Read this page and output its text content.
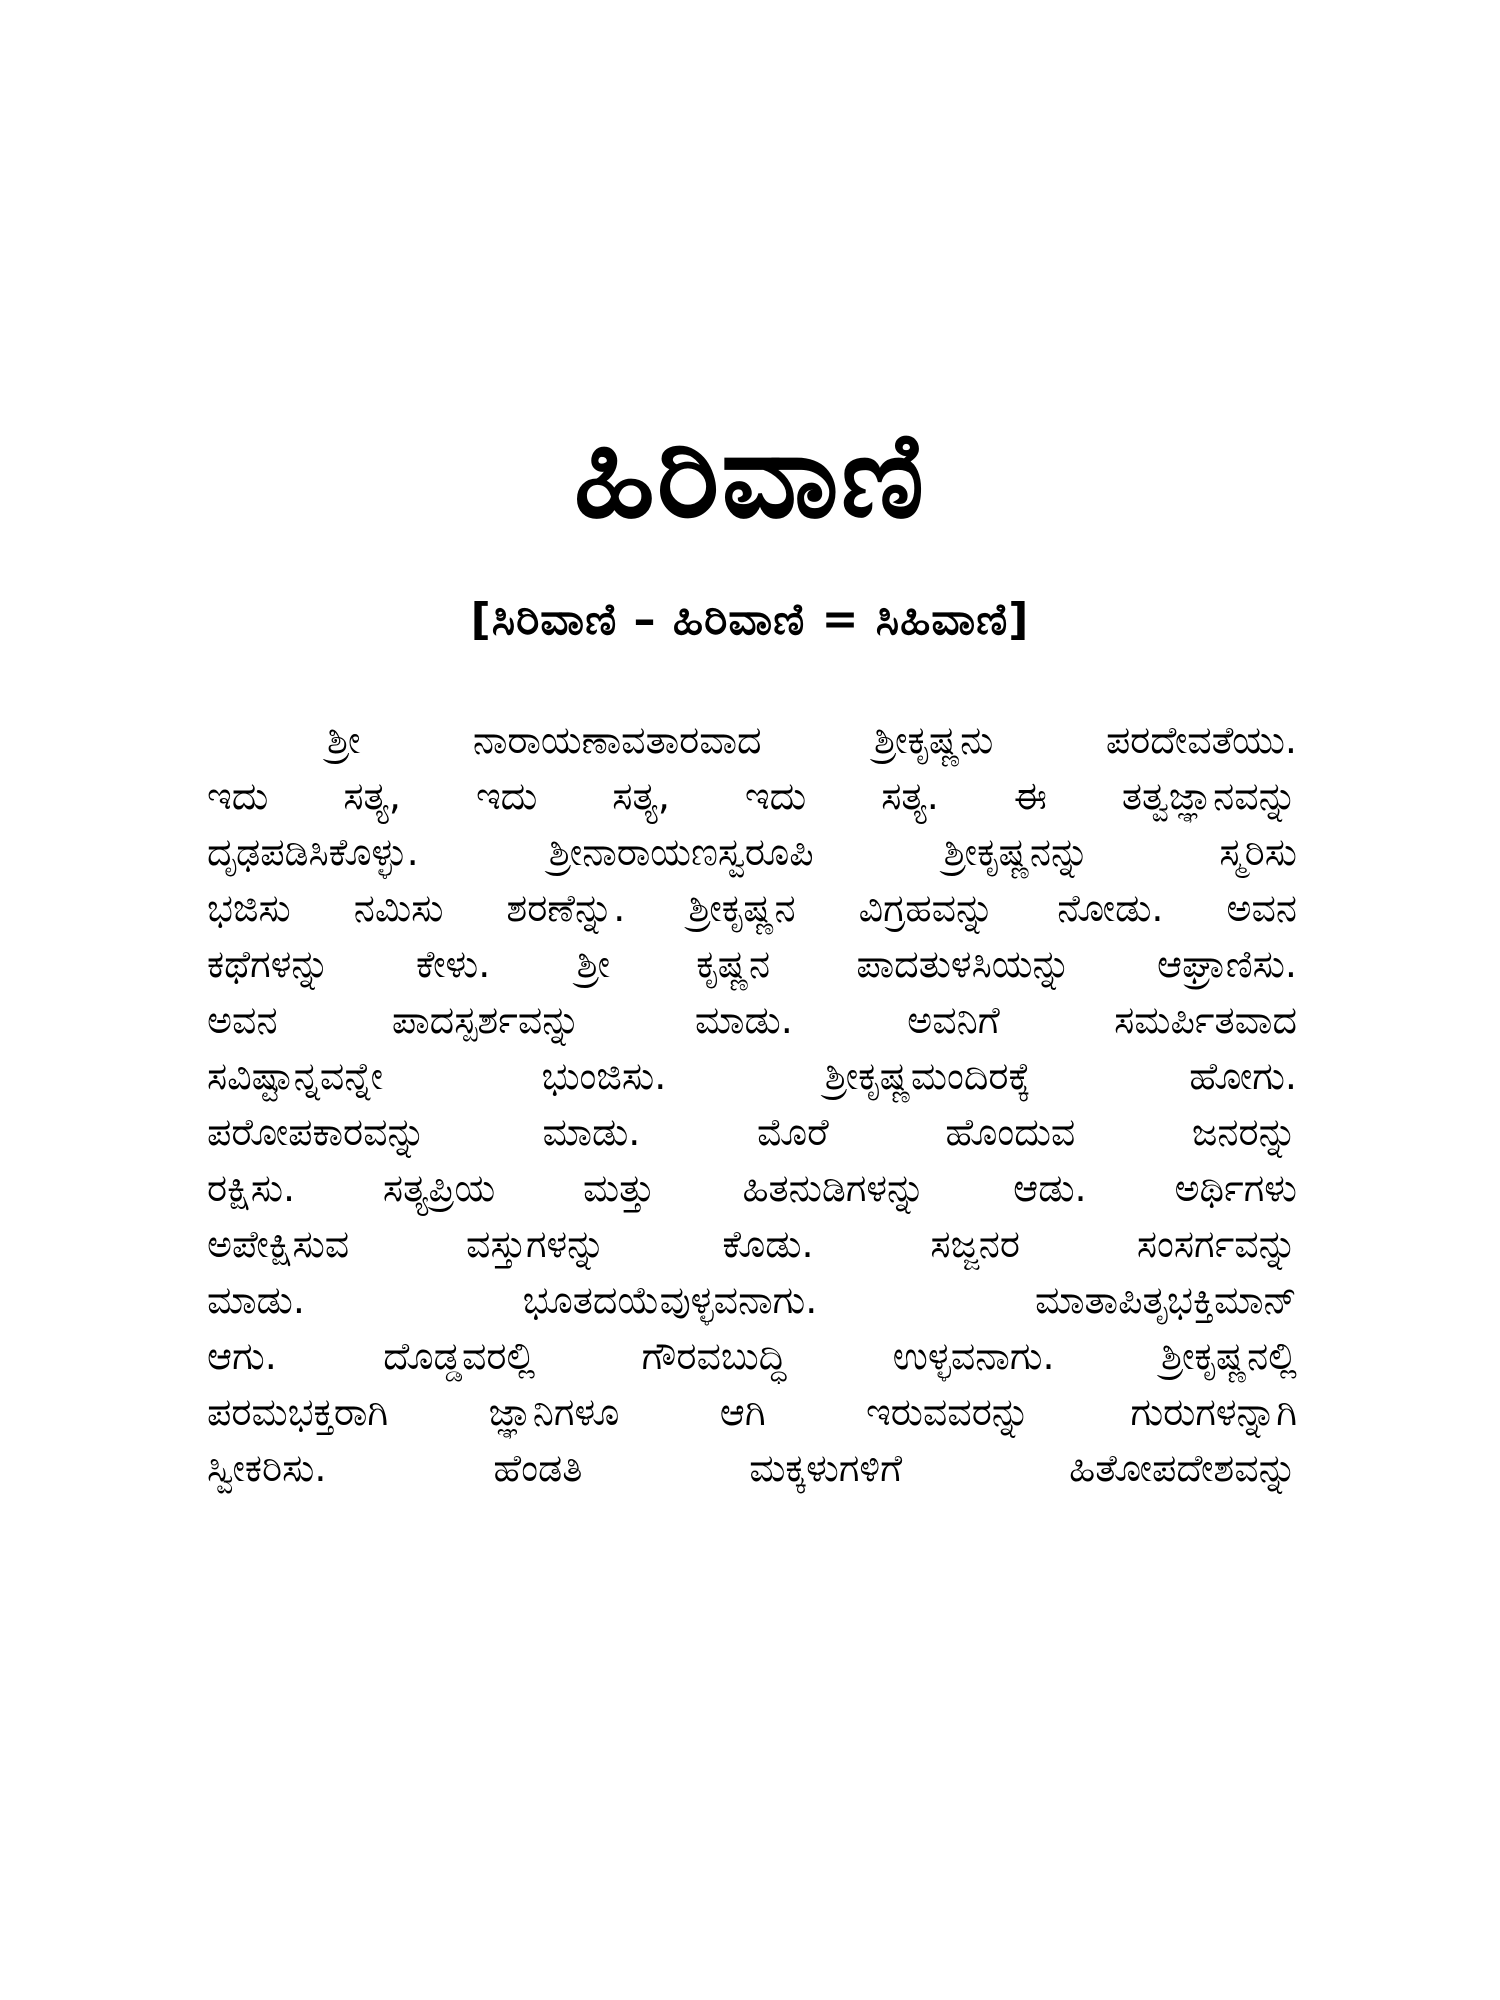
ಹಿರಿವಾಣಿ
[ಸಿರಿವಾಣಿ – ಹಿರಿವಾಣಿ = ಸಿಹಿವಾಣಿ]
ಶ್ರೀ ನಾರಾಯಣಾವತಾರವಾದ ಶ್ರೀಕೃಷ್ಣನು ಪರದೇವತೆಯು.
ಇದು ಸತ್ಯ, ಇದು ಸತ್ಯ, ಇದು ಸತ್ಯ. ಈ ತತ್ವಜ್ಞಾನವನ್ನು
ದೃಢಪಡಿಸಿಕೊಳ್ಳು. ಶ್ರೀನಾರಾಯಣಸ್ವರೂಪಿ ಶ್ರೀಕೃಷ್ಣನನ್ನು ಸ್ಮರಿಸು
ಭಜಿಸು ನಮಿಸು ಶರಣೆನ್ನು. ಶ್ರೀಕೃಷ್ಣನ ವಿಗ್ರಹವನ್ನು ನೋಡು. ಅವನ
ಕಥೆಗಳನ್ನು ಕೇಳು. ಶ್ರೀ ಕೃಷ್ಣನ ಪಾದತುಳಸಿಯನ್ನು ಆಘ್ರಾಣಿಸು.
ಅವನ ಪಾದಸ್ಪರ್ಶವನ್ನು ಮಾಡು. ಅವನಿಗೆ ಸಮರ್ಪಿತವಾದ
ಸವಿಷ್ಟಾನ್ನವನ್ನೇ ಭುಂಜಿಸು. ಶ್ರೀಕೃಷ್ಣಮಂದಿರಕ್ಕೆ ಹೋಗು.
ಪರೋಪಕಾರವನ್ನು ಮಾಡು. ಮೊರೆ ಹೊಂದುವ ಜನರನ್ನು
ರಕ್ಷಿಸು. ಸತ್ಯಪ್ರಿಯ ಮತ್ತು ಹಿತನುಡಿಗಳನ್ನು ಆಡು. ಅರ್ಥಿಗಳು
ಅಪೇಕ್ಷಿಸುವ ವಸ್ತುಗಳನ್ನು ಕೊಡು. ಸಜ್ಜನರ ಸಂಸರ್ಗವನ್ನು
ಮಾಡು. ಭೂತದಯೆವುಳ್ಳವನಾಗು. ಮಾತಾಪಿತೃಭಕ್ತಿಮಾನ್
ಆಗು. ದೊಡ್ಡವರಲ್ಲಿ ಗೌರವಬುದ್ಧಿ ಉಳ್ಳವನಾಗು. ಶ್ರೀಕೃಷ್ಣನಲ್ಲಿ
ಪರಮಭಕ್ತರಾಗಿ ಜ್ಞಾನಿಗಳೂ ಆಗಿ ಇರುವವರನ್ನು ಗುರುಗಳನ್ನಾಗಿ
ಸ್ವೀಕರಿಸು. ಹೆಂಡತಿ ಮಕ್ಕಳುಗಳಿಗೆ ಹಿತೋಪದೇಶವನ್ನು
